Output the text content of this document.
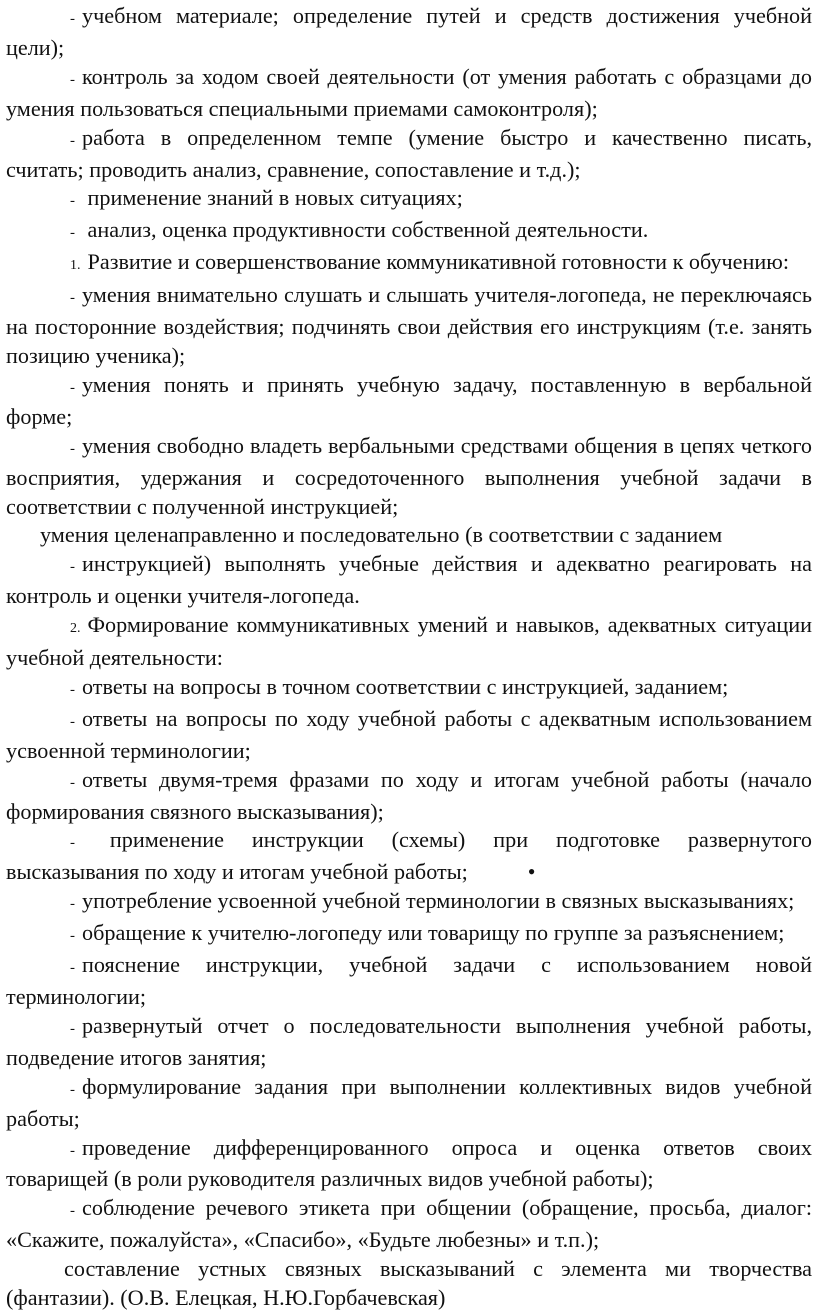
- учебном материале; определение путей и средств достижения учебной цели);

- контроль за ходом своей деятельности (от умения работать с образцами до умения пользоваться специальными приемами самоконтроля);

- работа в определенном темпе (умение быстро и качественно писать, считать; проводить анализ, сравнение, сопоставление и т.д.);

- применение знаний в новых ситуациях;

- анализ, оценка продуктивности собственной деятельности.

1. Развитие и совершенствование коммуникативной готовности к обучению:

- умения внимательно слушать и слышать учителя-логопеда, не переключаясь на посторонние воздействия; подчинять свои действия его инструкциям (т.е. занять позицию ученика);

- умения понять и принять учебную задачу, поставленную в вербальной форме;

- умения свободно владеть вербальными средствами общения в цепях четкого восприятия, удержания и сосредоточенного выполнения учебной задачи в соответствии с полученной инструкцией;

умения целенаправленно и последовательно (в соответствии с заданием

- инструкцией) выполнять учебные действия и адекватно реагировать на контроль и оценки учителя-логопеда.

2. Формирование коммуникативных умений и навыков, адекватных ситуации учебной деятельности:

- ответы на вопросы в точном соответствии с инструкцией, заданием;

- ответы на вопросы по ходу учебной работы с адекватным использованием усвоенной терминологии;

- ответы двумя-тремя фразами по ходу и итогам учебной работы (начало формирования связного высказывания);

- применение инструкции (схемы) при подготовке развернутого высказывания по ходу и итогам учебной работы;	•

- употребление усвоенной учебной терминологии в связных высказываниях;

- обращение к учителю-логопеду или товарищу по группе за разъяснением;

- пояснение инструкции, учебной задачи с использованием новой терминологии;

- развернутый отчет о последовательности выполнения учебной работы, подведение итогов занятия;

- формулирование задания при выполнении коллективных видов учебной работы;

- проведение дифференцированного опроса и оценка ответов своих товарищей (в роли руководителя различных видов учебной работы);

- соблюдение речевого этикета при общении (обращение, просьба, диалог: «Скажите, пожалуйста», «Спасибо», «Будьте любезны» и т.п.);

составление устных связных высказываний с элемента ми творчества (фантазии). (О.В. Елецкая, Н.Ю.Горбачевская)
